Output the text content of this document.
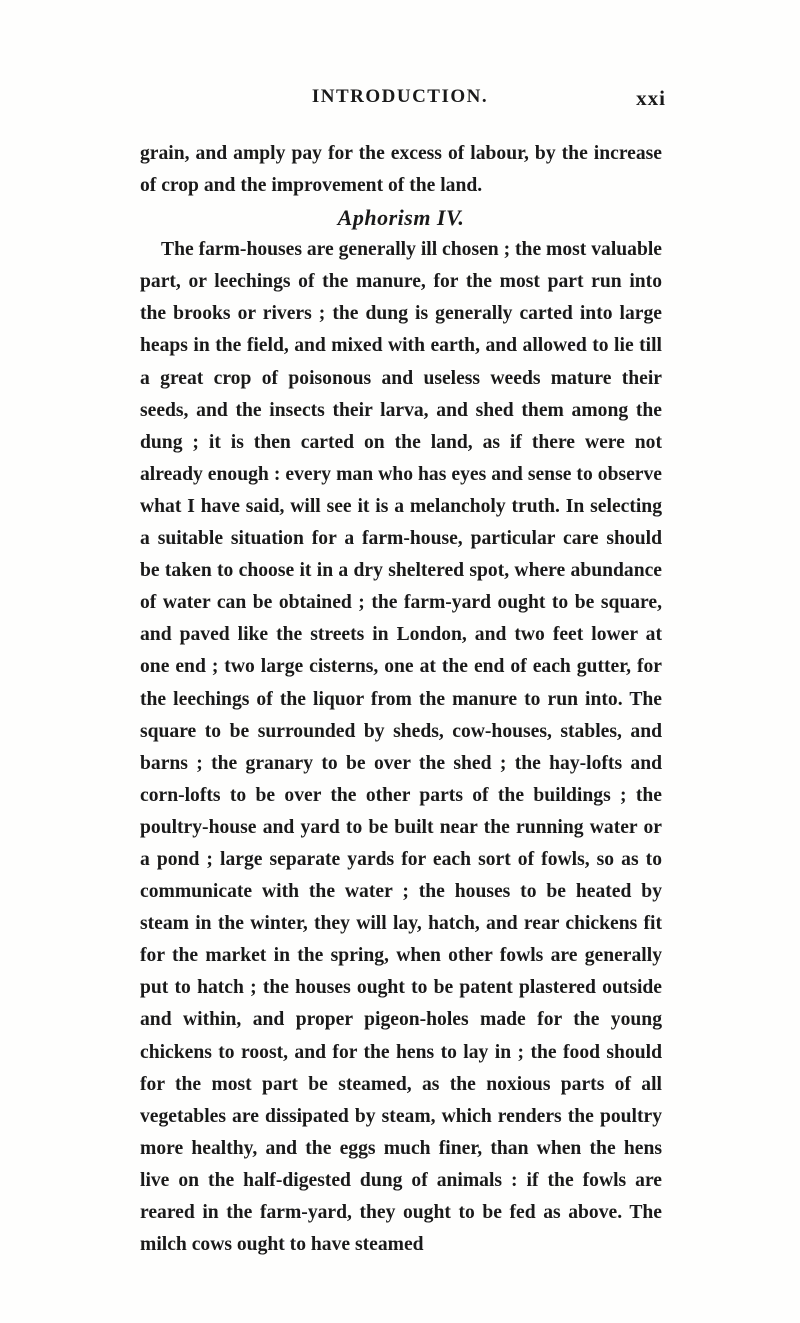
INTRODUCTION.	xxi

grain, and amply pay for the excess of labour, by the increase of crop and the improvement of the land.

Aphorism IV.

The farm-houses are generally ill chosen ; the most valuable part, or leechings of the manure, for the most part run into the brooks or rivers ; the dung is generally carted into large heaps in the field, and mixed with earth, and allowed to lie till a great crop of poisonous and useless weeds mature their seeds, and the insects their larva, and shed them among the dung ; it is then carted on the land, as if there were not already enough : every man who has eyes and sense to observe what I have said, will see it is a melancholy truth. In selecting a suitable situation for a farm-house, particular care should be taken to choose it in a dry sheltered spot, where abundance of water can be obtained ; the farm-yard ought to be square, and paved like the streets in London, and two feet lower at one end ; two large cisterns, one at the end of each gutter, for the leechings of the liquor from the manure to run into. The square to be surrounded by sheds, cow-houses, stables, and barns ; the granary to be over the shed ; the hay-lofts and corn-lofts to be over the other parts of the buildings ; the poultry-house and yard to be built near the running water or a pond ; large separate yards for each sort of fowls, so as to communicate with the water ; the houses to be heated by steam in the winter, they will lay, hatch, and rear chickens fit for the market in the spring, when other fowls are generally put to hatch ; the houses ought to be patent plastered outside and within, and proper pigeon-holes made for the young chickens to roost, and for the hens to lay in ; the food should for the most part be steamed, as the noxious parts of all vegetables are dissipated by steam, which renders the poultry more healthy, and the eggs much finer, than when the hens live on the half-digested dung of animals : if the fowls are reared in the farm-yard, they ought to be fed as above. The milch cows ought to have steamed
